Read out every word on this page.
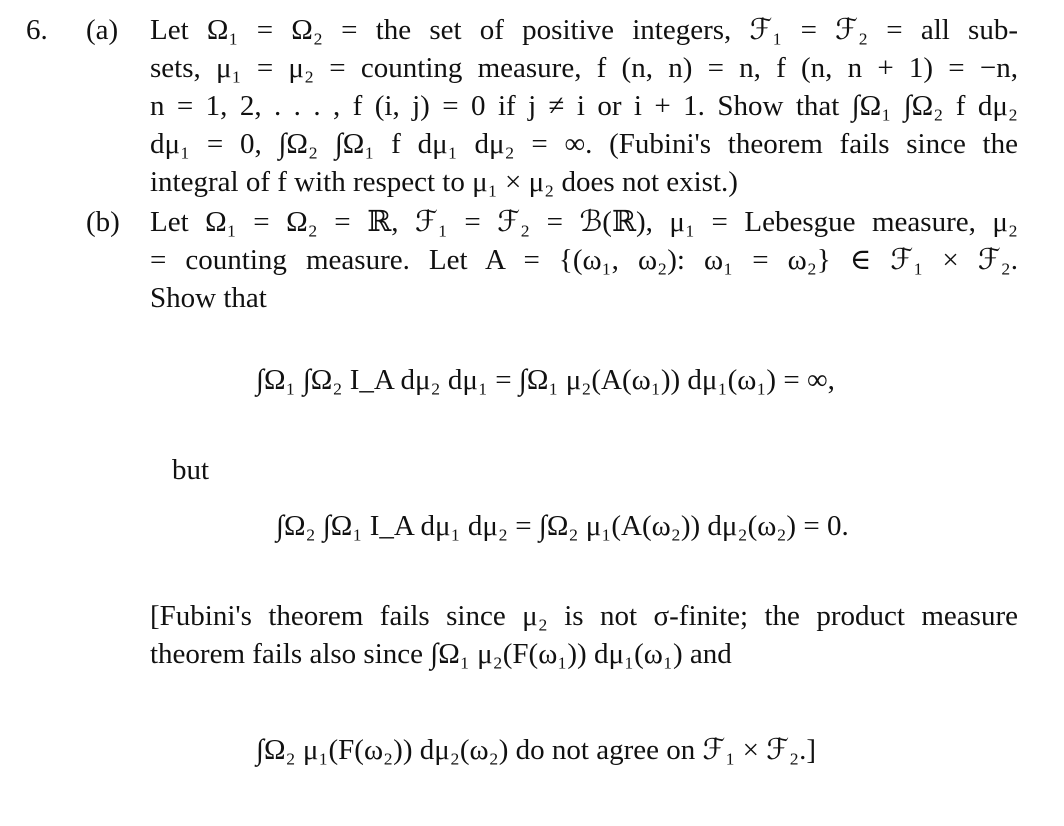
6. (a) Let Ω₁ = Ω₂ = the set of positive integers, ℱ₁ = ℱ₂ = all sub-
sets, μ₁ = μ₂ = counting measure, f (n, n) = n, f (n, n + 1) = −n,
n = 1, 2, . . . , f (i, j) = 0 if j ≠ i or i + 1. Show that ∫Ω₁ ∫Ω₂ f dμ₂
dμ₁ = 0, ∫Ω₂ ∫Ω₁ f dμ₁ dμ₂ = ∞. (Fubini's theorem fails since the
integral of f with respect to μ₁ × μ₂ does not exist.)
(b) Let Ω₁ = Ω₂ = ℝ, ℱ₁ = ℱ₂ = ℬ(ℝ), μ₁ = Lebesgue measure, μ₂
= counting measure. Let A = {(ω₁, ω₂): ω₁ = ω₂} ∈ ℱ₁ × ℱ₂.
Show that
∫Ω₁ ∫Ω₂ I_A dμ₂ dμ₁ = ∫Ω₁ μ₂(A(ω₁)) dμ₁(ω₁) = ∞,
but
∫Ω₂ ∫Ω₁ I_A dμ₁ dμ₂ = ∫Ω₂ μ₁(A(ω₂)) dμ₂(ω₂) = 0.
[Fubini's theorem fails since μ₂ is not σ-finite; the product measure
theorem fails also since ∫Ω₁ μ₂(F(ω₁)) dμ₁(ω₁) and
∫Ω₂ μ₁(F(ω₂)) dμ₂(ω₂) do not agree on ℱ₁ × ℱ₂.]
